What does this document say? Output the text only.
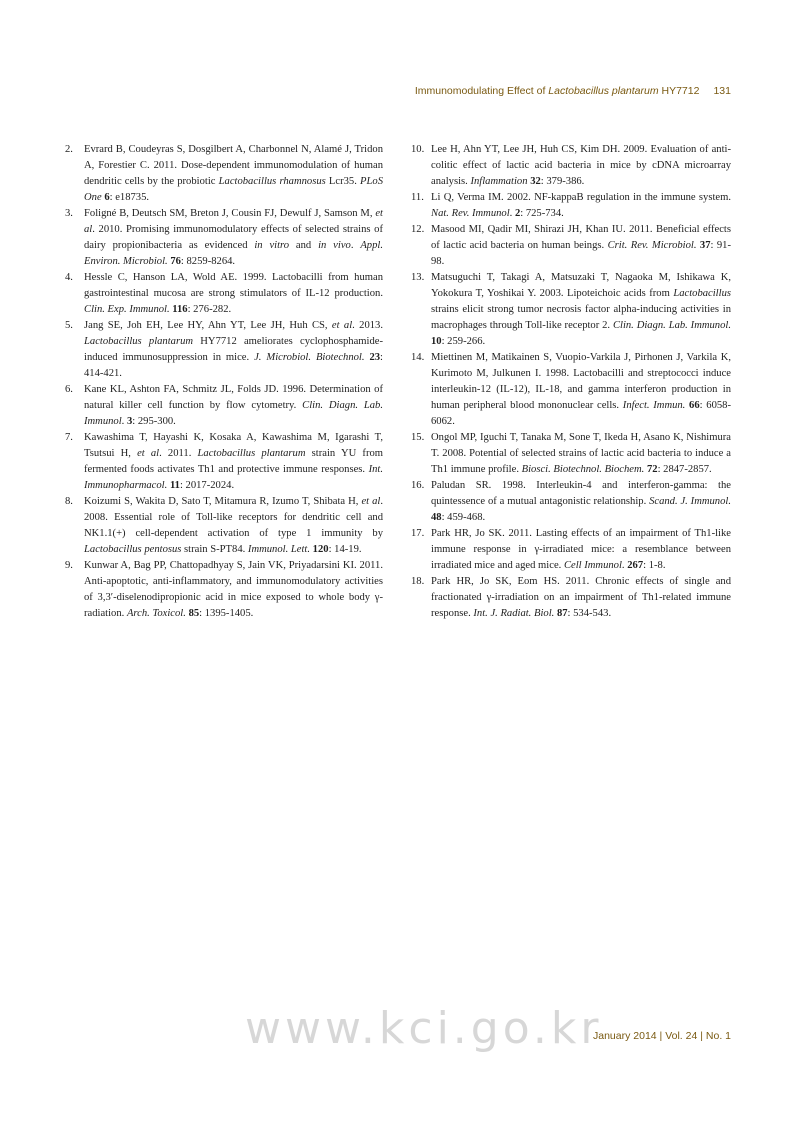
Immunomodulating Effect of Lactobacillus plantarum HY7712 131
2. Evrard B, Coudeyras S, Dosgilbert A, Charbonnel N, Alamé J, Tridon A, Forestier C. 2011. Dose-dependent immunomodulation of human dendritic cells by the probiotic Lactobacillus rhamnosus Lcr35. PLoS One 6: e18735.
3. Foligné B, Deutsch SM, Breton J, Cousin FJ, Dewulf J, Samson M, et al. 2010. Promising immunomodulatory effects of selected strains of dairy propionibacteria as evidenced in vitro and in vivo. Appl. Environ. Microbiol. 76: 8259-8264.
4. Hessle C, Hanson LA, Wold AE. 1999. Lactobacilli from human gastrointestinal mucosa are strong stimulators of IL-12 production. Clin. Exp. Immunol. 116: 276-282.
5. Jang SE, Joh EH, Lee HY, Ahn YT, Lee JH, Huh CS, et al. 2013. Lactobacillus plantarum HY7712 ameliorates cyclophosphamide-induced immunosuppression in mice. J. Microbiol. Biotechnol. 23: 414-421.
6. Kane KL, Ashton FA, Schmitz JL, Folds JD. 1996. Determination of natural killer cell function by flow cytometry. Clin. Diagn. Lab. Immunol. 3: 295-300.
7. Kawashima T, Hayashi K, Kosaka A, Kawashima M, Igarashi T, Tsutsui H, et al. 2011. Lactobacillus plantarum strain YU from fermented foods activates Th1 and protective immune responses. Int. Immunopharmacol. 11: 2017-2024.
8. Koizumi S, Wakita D, Sato T, Mitamura R, Izumo T, Shibata H, et al. 2008. Essential role of Toll-like receptors for dendritic cell and NK1.1(+) cell-dependent activation of type 1 immunity by Lactobacillus pentosus strain S-PT84. Immunol. Lett. 120: 14-19.
9. Kunwar A, Bag PP, Chattopadhyay S, Jain VK, Priyadarsini KI. 2011. Anti-apoptotic, anti-inflammatory, and immunomodulatory activities of 3,3′-diselenodipropionic acid in mice exposed to whole body γ-radiation. Arch. Toxicol. 85: 1395-1405.
10. Lee H, Ahn YT, Lee JH, Huh CS, Kim DH. 2009. Evaluation of anti-colitic effect of lactic acid bacteria in mice by cDNA microarray analysis. Inflammation 32: 379-386.
11. Li Q, Verma IM. 2002. NF-kappaB regulation in the immune system. Nat. Rev. Immunol. 2: 725-734.
12. Masood MI, Qadir MI, Shirazi JH, Khan IU. 2011. Beneficial effects of lactic acid bacteria on human beings. Crit. Rev. Microbiol. 37: 91-98.
13. Matsuguchi T, Takagi A, Matsuzaki T, Nagaoka M, Ishikawa K, Yokokura T, Yoshikai Y. 2003. Lipoteichoic acids from Lactobacillus strains elicit strong tumor necrosis factor alpha-inducing activities in macrophages through Toll-like receptor 2. Clin. Diagn. Lab. Immunol. 10: 259-266.
14. Miettinen M, Matikainen S, Vuopio-Varkila J, Pirhonen J, Varkila K, Kurimoto M, Julkunen I. 1998. Lactobacilli and streptococci induce interleukin-12 (IL-12), IL-18, and gamma interferon production in human peripheral blood mononuclear cells. Infect. Immun. 66: 6058-6062.
15. Ongol MP, Iguchi T, Tanaka M, Sone T, Ikeda H, Asano K, Nishimura T. 2008. Potential of selected strains of lactic acid bacteria to induce a Th1 immune profile. Biosci. Biotechnol. Biochem. 72: 2847-2857.
16. Paludan SR. 1998. Interleukin-4 and interferon-gamma: the quintessence of a mutual antagonistic relationship. Scand. J. Immunol. 48: 459-468.
17. Park HR, Jo SK. 2011. Lasting effects of an impairment of Th1-like immune response in γ-irradiated mice: a resemblance between irradiated mice and aged mice. Cell Immunol. 267: 1-8.
18. Park HR, Jo SK, Eom HS. 2011. Chronic effects of single and fractionated γ-irradiation on an impairment of Th1-related immune response. Int. J. Radiat. Biol. 87: 534-543.
www.kci.go.kr
January 2014 | Vol. 24 | No. 1
